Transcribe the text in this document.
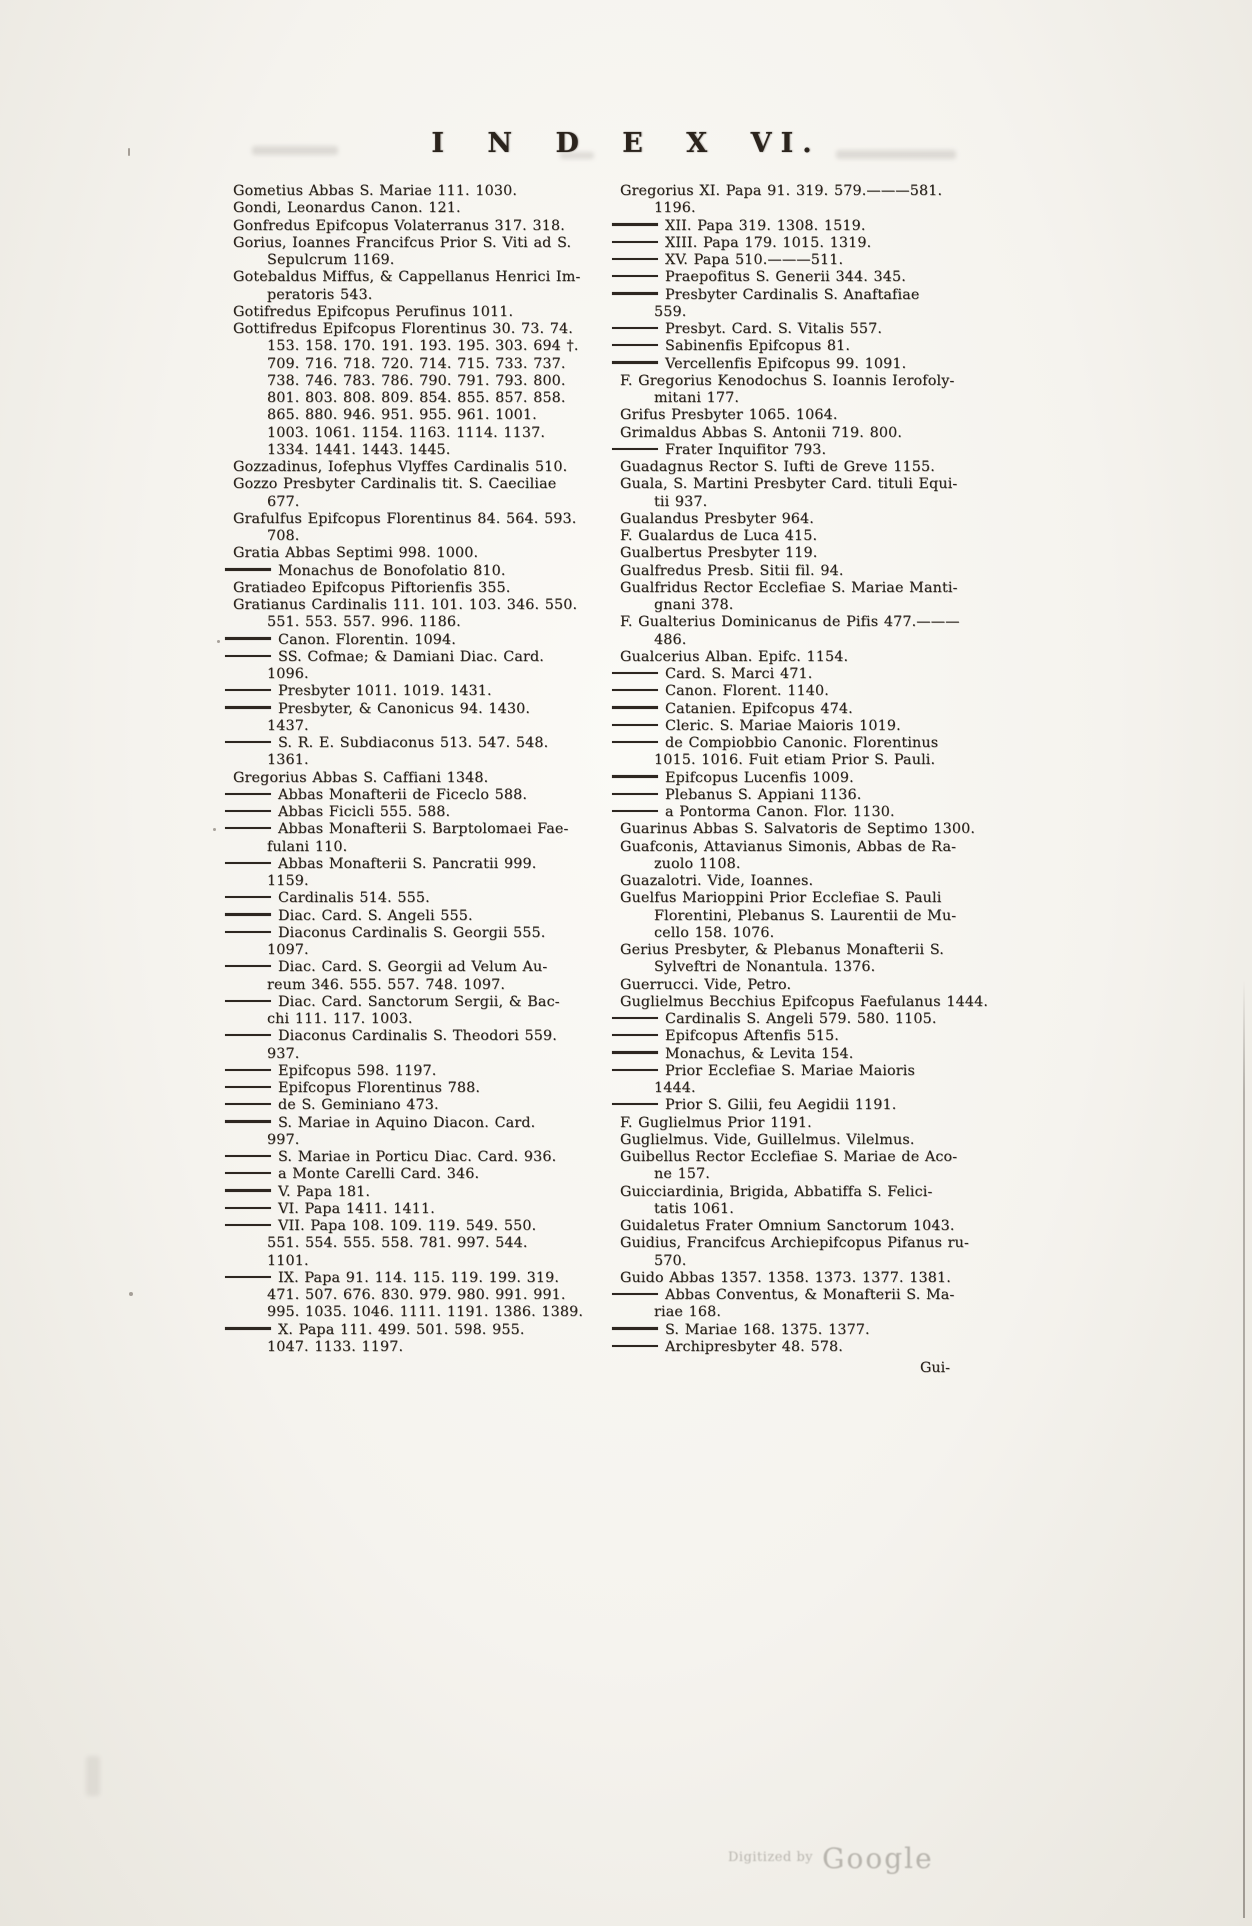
I N D E X VI.
Gometius Abbas S. Mariae 111. 1030.
Gondi, Leonardus Canon. 121.
Gonfredus Epifcopus Volaterranus 317. 318.
Gorius, Ioannes Francifcus Prior S. Viti ad S.
Sepulcrum 1169.
Gotebaldus Miffus, & Cappellanus Henrici Im-
peratoris 543.
Gotifredus Epifcopus Perufinus 1011.
Gottifredus Epifcopus Florentinus 30. 73. 74.
153. 158. 170. 191. 193. 195. 303. 694 †.
709. 716. 718. 720. 714. 715. 733. 737.
738. 746. 783. 786. 790. 791. 793. 800.
801. 803. 808. 809. 854. 855. 857. 858.
865. 880. 946. 951. 955. 961. 1001.
1003. 1061. 1154. 1163. 1114. 1137.
1334. 1441. 1443. 1445.
Gozzadinus, Iofephus Vlyffes Cardinalis 510.
Gozzo Presbyter Cardinalis tit. S. Caeciliae
677.
Grafulfus Epifcopus Florentinus 84. 564. 593.
708.
Gratia Abbas Septimi 998. 1000.
Monachus de Bonofolatio 810.
Gratiadeo Epifcopus Piftorienfis 355.
Gratianus Cardinalis 111. 101. 103. 346. 550.
551. 553. 557. 996. 1186.
Canon. Florentin. 1094.
SS. Cofmae; & Damiani Diac. Card.
1096.
Presbyter 1011. 1019. 1431.
Presbyter, & Canonicus 94. 1430.
1437.
S. R. E. Subdiaconus 513. 547. 548.
1361.
Gregorius Abbas S. Caffiani 1348.
Abbas Monafterii de Ficeclo 588.
Abbas Ficicli 555. 588.
Abbas Monafterii S. Barptolomaei Fae-
fulani 110.
Abbas Monafterii S. Pancratii 999.
1159.
Cardinalis 514. 555.
Diac. Card. S. Angeli 555.
Diaconus Cardinalis S. Georgii 555.
1097.
Diac. Card. S. Georgii ad Velum Au-
reum 346. 555. 557. 748. 1097.
Diac. Card. Sanctorum Sergii, & Bac-
chi 111. 117. 1003.
Diaconus Cardinalis S. Theodori 559.
937.
Epifcopus 598. 1197.
Epifcopus Florentinus 788.
de S. Geminiano 473.
S. Mariae in Aquino Diacon. Card.
997.
S. Mariae in Porticu Diac. Card. 936.
a Monte Carelli Card. 346.
V. Papa 181.
VI. Papa 1411. 1411.
VII. Papa 108. 109. 119. 549. 550.
551. 554. 555. 558. 781. 997. 544.
1101.
IX. Papa 91. 114. 115. 119. 199. 319.
471. 507. 676. 830. 979. 980. 991. 991.
995. 1035. 1046. 1111. 1191. 1386. 1389.
X. Papa 111. 499. 501. 598. 955.
1047. 1133. 1197.
Gregorius XI. Papa 91. 319. 579.———581.
1196.
XII. Papa 319. 1308. 1519.
XIII. Papa 179. 1015. 1319.
XV. Papa 510.———511.
Praepofitus S. Generii 344. 345.
Presbyter Cardinalis S. Anaftafiae
559.
Presbyt. Card. S. Vitalis 557.
Sabinenfis Epifcopus 81.
Vercellenfis Epifcopus 99. 1091.
F. Gregorius Kenodochus S. Ioannis Ierofoly-
mitani 177.
Grifus Presbyter 1065. 1064.
Grimaldus Abbas S. Antonii 719. 800.
Frater Inquifitor 793.
Guadagnus Rector S. Iufti de Greve 1155.
Guala, S. Martini Presbyter Card. tituli Equi-
tii 937.
Gualandus Presbyter 964.
F. Gualardus de Luca 415.
Gualbertus Presbyter 119.
Gualfredus Presb. Sitii fil. 94.
Gualfridus Rector Ecclefiae S. Mariae Manti-
gnani 378.
F. Gualterius Dominicanus de Pifis 477.———
486.
Gualcerius Alban. Epifc. 1154.
Card. S. Marci 471.
Canon. Florent. 1140.
Catanien. Epifcopus 474.
Cleric. S. Mariae Maioris 1019.
de Compiobbio Canonic. Florentinus
1015. 1016. Fuit etiam Prior S. Pauli.
Epifcopus Lucenfis 1009.
Plebanus S. Appiani 1136.
a Pontorma Canon. Flor. 1130.
Guarinus Abbas S. Salvatoris de Septimo 1300.
Guafconis, Attavianus Simonis, Abbas de Ra-
zuolo 1108.
Guazalotri. Vide, Ioannes.
Guelfus Marioppini Prior Ecclefiae S. Pauli
Florentini, Plebanus S. Laurentii de Mu-
cello 158. 1076.
Gerius Presbyter, & Plebanus Monafterii S.
Sylveftri de Nonantula. 1376.
Guerrucci. Vide, Petro.
Guglielmus Becchius Epifcopus Faefulanus 1444.
Cardinalis S. Angeli 579. 580. 1105.
Epifcopus Aftenfis 515.
Monachus, & Levita 154.
Prior Ecclefiae S. Mariae Maioris
1444.
Prior S. Gilii, feu Aegidii 1191.
F. Guglielmus Prior 1191.
Guglielmus. Vide, Guillelmus. Vilelmus.
Guibellus Rector Ecclefiae S. Mariae de Aco-
ne 157.
Guicciardinia, Brigida, Abbatiffa S. Felici-
tatis 1061.
Guidaletus Frater Omnium Sanctorum 1043.
Guidius, Francifcus Archiepifcopus Pifanus ru-
570.
Guido Abbas 1357. 1358. 1373. 1377. 1381.
Abbas Conventus, & Monafterii S. Ma-
riae 168.
S. Mariae 168. 1375. 1377.
Archipresbyter 48. 578.
Gui-
$^{Digitized by}$ Google
